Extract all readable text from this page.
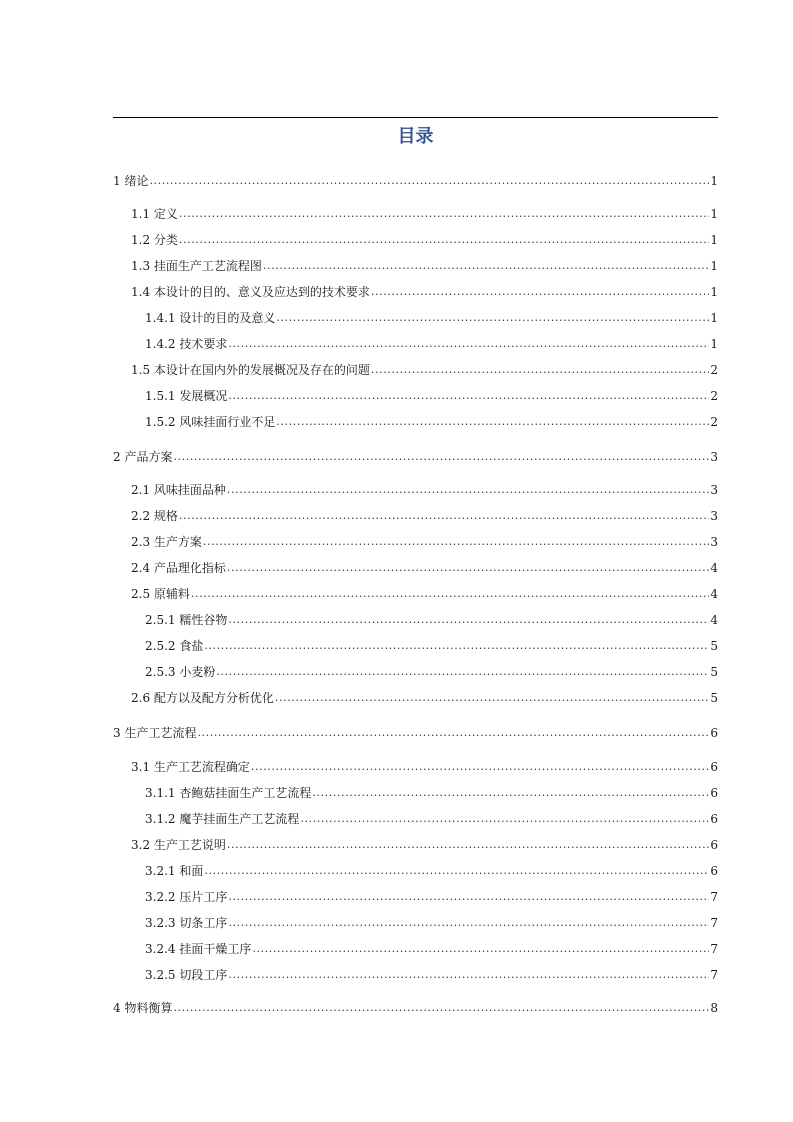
目录
1 绪论 .....	1
1.1 定义 .....	1
1.2 分类 .....	1
1.3 挂面生产工艺流程图 .....	1
1.4 本设计的目的、意义及应达到的技术要求 .....	1
1.4.1 设计的目的及意义 .....	1
1.4.2 技术要求 .....	1
1.5 本设计在国内外的发展概况及存在的问题 .....	2
1.5.1 发展概况 .....	2
1.5.2 风味挂面行业不足 .....	2
2 产品方案 .....	3
2.1 风味挂面品种 .....	3
2.2 规格 .....	3
2.3 生产方案 .....	3
2.4 产品理化指标 .....	4
2.5 原辅料 .....	4
2.5.1 糯性谷物 .....	4
2.5.2 食盐 .....	5
2.5.3 小麦粉 .....	5
2.6 配方以及配方分析优化 .....	5
3 生产工艺流程 .....	6
3.1 生产工艺流程确定 .....	6
3.1.1 杏鲍菇挂面生产工艺流程 .....	6
3.1.2 魔芋挂面生产工艺流程 .....	6
3.2 生产工艺说明 .....	6
3.2.1 和面 .....	6
3.2.2 压片工序 .....	7
3.2.3 切条工序 .....	7
3.2.4 挂面干燥工序 .....	7
3.2.5 切段工序 .....	7
4 物料衡算 .....	8
